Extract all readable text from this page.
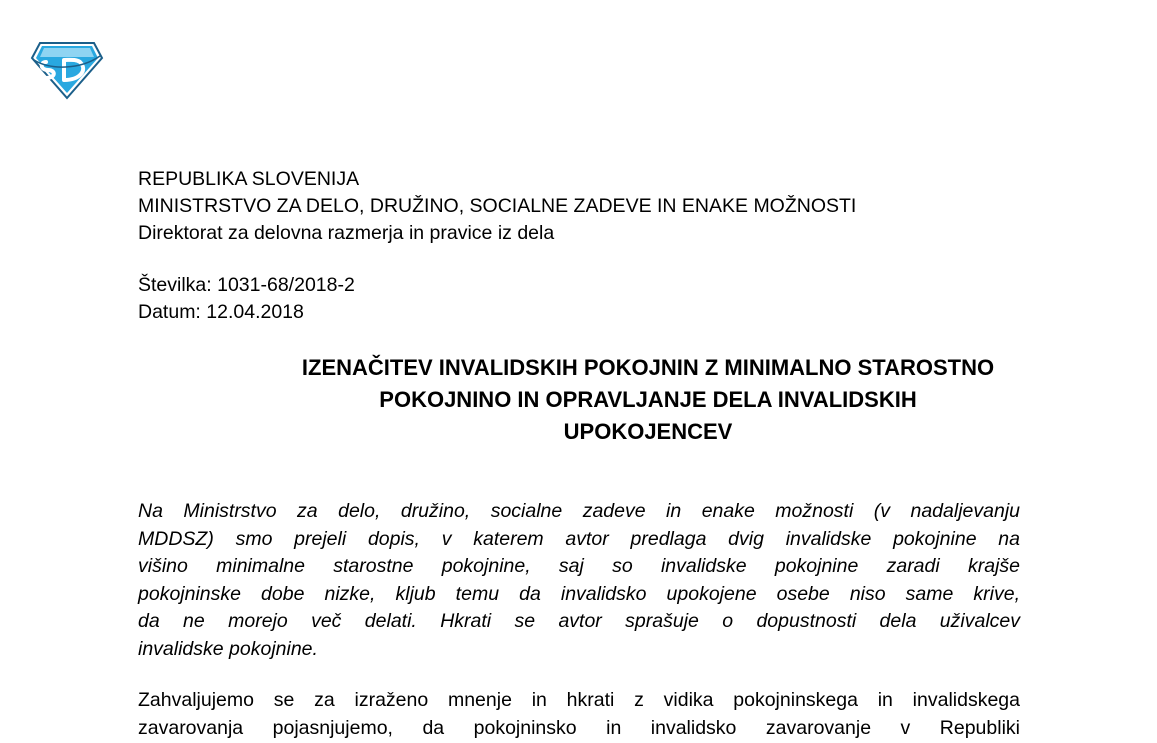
REPUBLIKA SLOVENIJA
MINISTRSTVO ZA DELO, DRUŽINO, SOCIALNE ZADEVE IN ENAKE MOŽNOSTI
Direktorat za delovna razmerja in pravice iz dela
Številka: 1031-68/2018-2
Datum: 12.04.2018
IZENAČITEV INVALIDSKIH POKOJNIN Z MINIMALNO STAROSTNO
POKOJNINO IN OPRAVLJANJE DELA INVALIDSKIH
UPOKOJENCEV
Na Ministrstvo za delo, družino, socialne zadeve in enake možnosti (v nadaljevanju
MDDSZ) smo prejeli dopis, v katerem avtor predlaga dvig invalidske pokojnine na
višino minimalne starostne pokojnine, saj so invalidske pokojnine zaradi krajše
pokojninske dobe nizke, kljub temu da invalidsko upokojene osebe niso same krive,
da ne morejo več delati. Hkrati se avtor sprašuje o dopustnosti dela uživalcev
invalidske pokojnine.
Zahvaljujemo se za izraženo mnenje in hkrati z vidika pokojninskega in invalidskega
zavarovanja pojasnjujemo, da pokojninsko in invalidsko zavarovanje v Republiki
